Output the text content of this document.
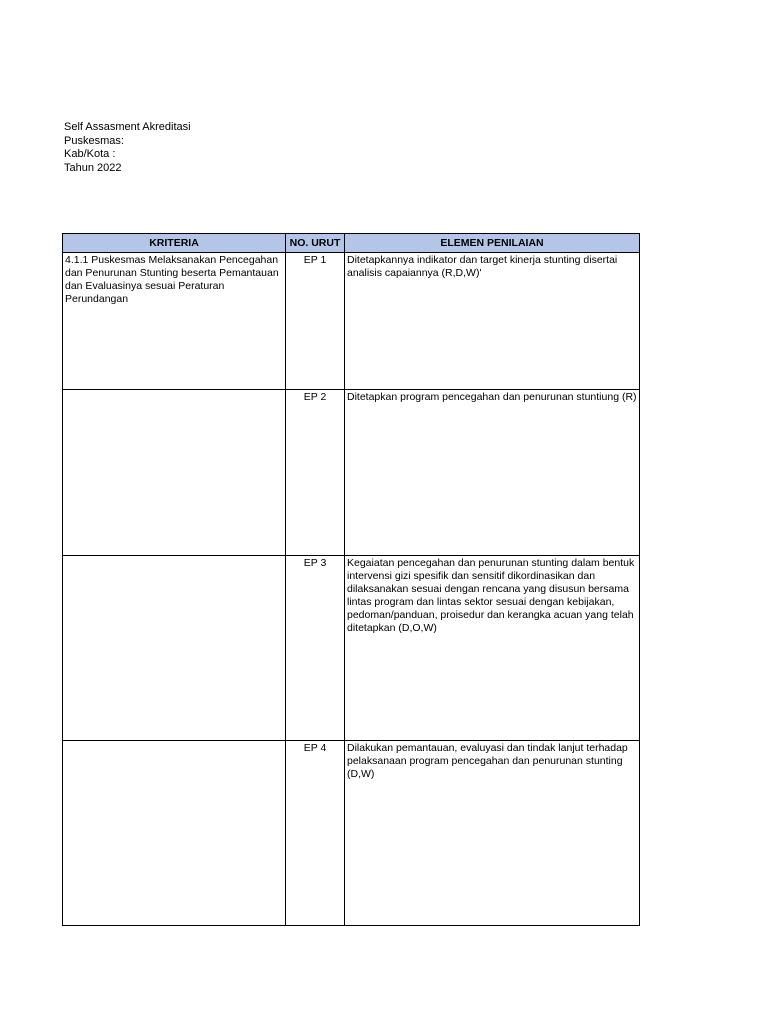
Self Assasment Akreditasi
Puskesmas:
Kab/Kota :
Tahun 2022
KRITERIA	NO. URUT	ELEMEN PENILAIAN
4.1.1 Puskesmas Melaksanakan Pencegahan dan Penurunan Stunting beserta Pemantauan dan Evaluasinya sesuai Peraturan Perundangan	EP 1	Ditetapkannya indikator dan target kinerja stunting disertai analisis capaiannya (R,D,W)'
	EP 2	Ditetapkan program pencegahan dan penurunan stuntiung (R)
	EP 3	Kegaiatan pencegahan dan penurunan stunting dalam bentuk intervensi gizi spesifik dan sensitif dikordinasikan dan dilaksanakan sesuai dengan rencana yang disusun bersama lintas program dan lintas sektor sesuai dengan kebijakan, pedoman/panduan, proisedur dan kerangka acuan yang telah ditetapkan (D,O,W)
	EP 4	Dilakukan pemantauan, evaluyasi dan tindak lanjut terhadap pelaksanaan program pencegahan dan penurunan stunting (D,W)
